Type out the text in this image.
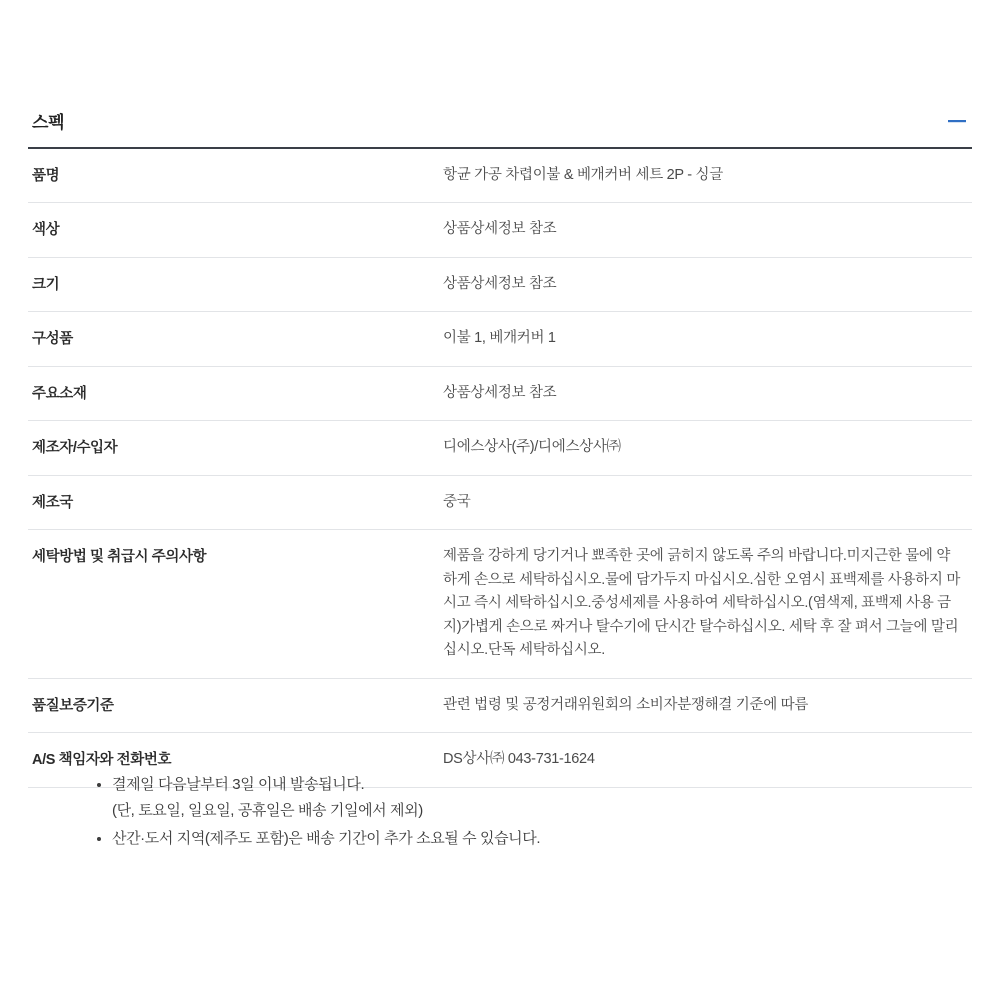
스펙
품명	항균 가공 차렵이불 & 베개커버 세트 2P - 싱글
색상	상품상세정보 참조
크기	상품상세정보 참조
구성품	이불 1, 베개커버 1
주요소재	상품상세정보 참조
제조자/수입자	디에스상사(주)/디에스상사㈜
제조국	중국
세탁방법 및 취급시 주의사항	제품을 강하게 당기거나 뾰족한 곳에 긁히지 않도록 주의 바랍니다.미지근한 물에 약하게 손으로 세탁하십시오.물에 담가두지 마십시오.심한 오염시 표백제를 사용하지 마시고 즉시 세탁하십시오.중성세제를 사용하여 세탁하십시오.(염색제, 표백제 사용 금지)가볍게 손으로 짜거나 탈수기에 단시간 탈수하십시오. 세탁 후 잘 펴서 그늘에 말리십시오.단독 세탁하십시오.
품질보증기준	관련 법령 및 공정거래위원회의 소비자분쟁해결 기준에 따름
A/S 책임자와 전화번호	DS상사㈜ 043-731-1624
• 결제일 다음날부터 3일 이내 발송됩니다.
(단, 토요일, 일요일, 공휴일은 배송 기일에서 제외)
• 산간·도서 지역(제주도 포함)은 배송 기간이 추가 소요될 수 있습니다.
